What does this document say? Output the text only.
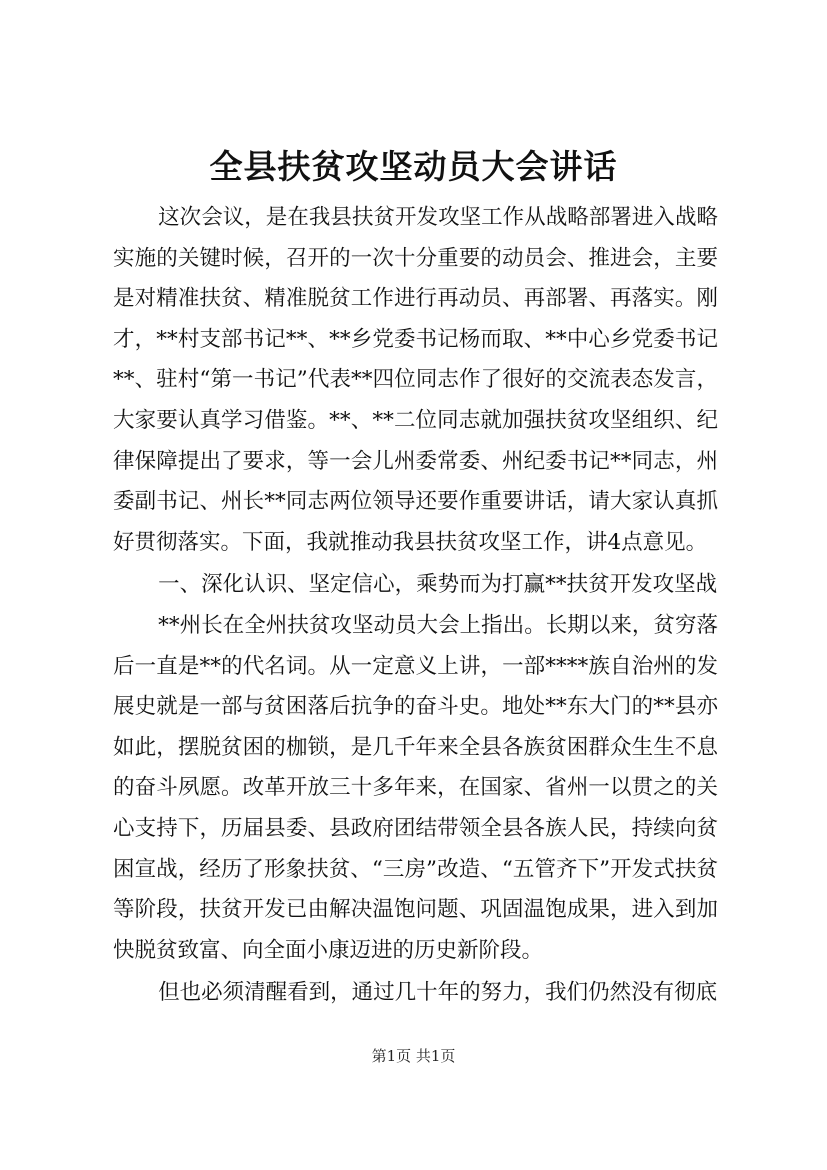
全县扶贫攻坚动员大会讲话

这次会议，是在我县扶贫开发攻坚工作从战略部署进入战略实施的关键时候，召开的一次十分重要的动员会、推进会，主要是对精准扶贫、精准脱贫工作进行再动员、再部署、再落实。刚才，**村支部书记**、**乡党委书记杨而取、**中心乡党委书记**、驻村“第一书记”代表**四位同志作了很好的交流表态发言，大家要认真学习借鉴。**、**二位同志就加强扶贫攻坚组织、纪律保障提出了要求，等一会儿州委常委、州纪委书记**同志，州委副书记、州长**同志两位领导还要作重要讲话，请大家认真抓好贯彻落实。下面，我就推动我县扶贫攻坚工作，讲4点意见。

一、深化认识、坚定信心，乘势而为打赢**扶贫开发攻坚战

**州长在全州扶贫攻坚动员大会上指出。长期以来，贫穷落后一直是**的代名词。从一定意义上讲，一部****族自治州的发展史就是一部与贫困落后抗争的奋斗史。地处**东大门的**县亦如此，摆脱贫困的枷锁，是几千年来全县各族贫困群众生生不息的奋斗夙愿。改革开放三十多年来，在国家、省州一以贯之的关心支持下，历届县委、县政府团结带领全县各族人民，持续向贫困宣战，经历了形象扶贫、“三房”改造、“五管齐下”开发式扶贫等阶段，扶贫开发已由解决温饱问题、巩固温饱成果，进入到加快脱贫致富、向全面小康迈进的历史新阶段。

但也必须清醒看到，通过几十年的努力，我们仍然没有彻底

第1页 共1页
